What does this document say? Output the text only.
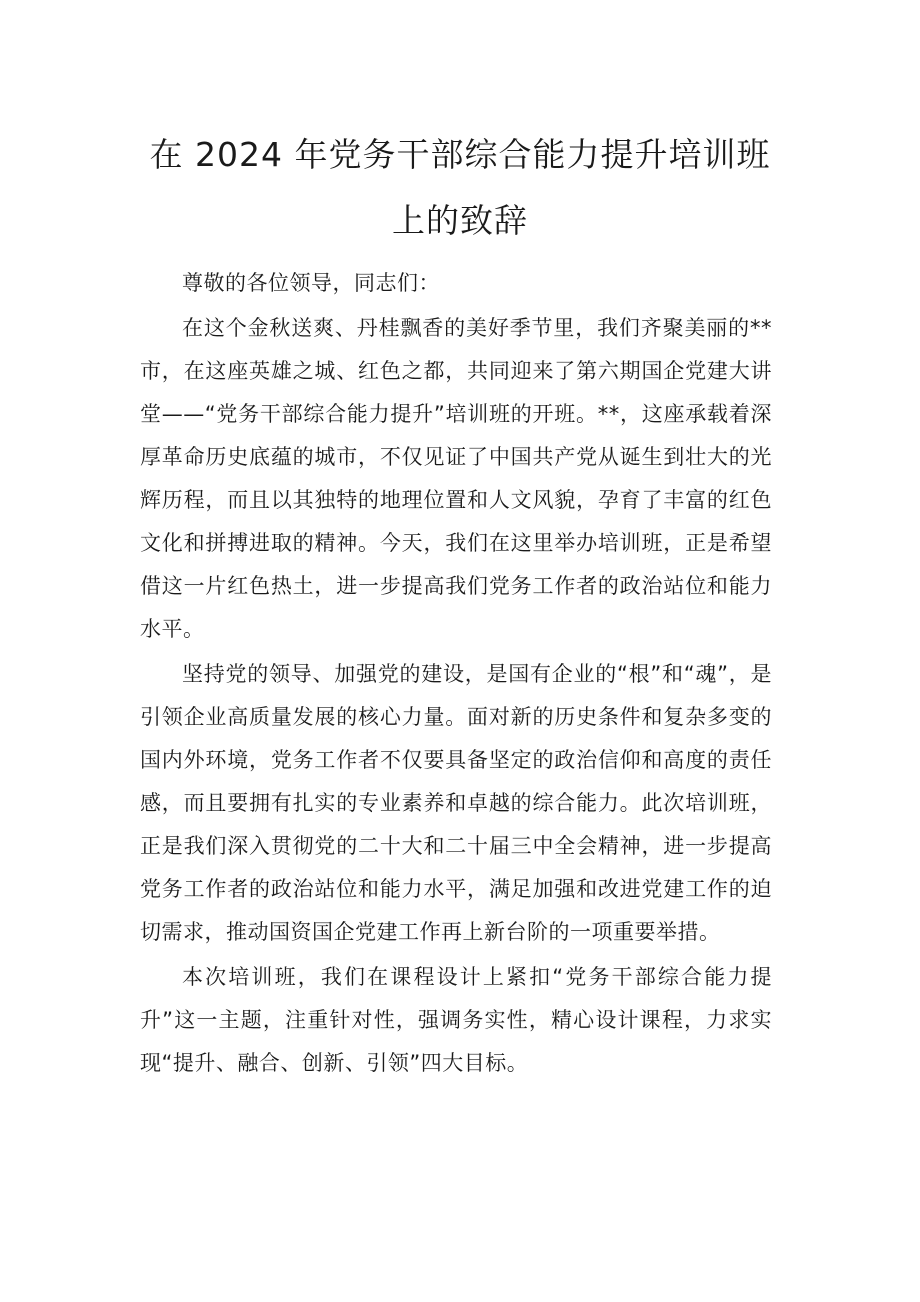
在 2024 年党务干部综合能力提升培训班上的致辞

尊敬的各位领导，同志们：

在这个金秋送爽、丹桂飘香的美好季节里，我们齐聚美丽的**市，在这座英雄之城、红色之都，共同迎来了第六期国企党建大讲堂——“党务干部综合能力提升”培训班的开班。**，这座承载着深厚革命历史底蕴的城市，不仅见证了中国共产党从诞生到壮大的光辉历程，而且以其独特的地理位置和人文风貌，孕育了丰富的红色文化和拼搏进取的精神。今天，我们在这里举办培训班，正是希望借这一片红色热土，进一步提高我们党务工作者的政治站位和能力水平。

坚持党的领导、加强党的建设，是国有企业的“根”和“魂”，是引领企业高质量发展的核心力量。面对新的历史条件和复杂多变的国内外环境，党务工作者不仅要具备坚定的政治信仰和高度的责任感，而且要拥有扎实的专业素养和卓越的综合能力。此次培训班，正是我们深入贯彻党的二十大和二十届三中全会精神，进一步提高党务工作者的政治站位和能力水平，满足加强和改进党建工作的迫切需求，推动国资国企党建工作再上新台阶的一项重要举措。

本次培训班，我们在课程设计上紧扣“党务干部综合能力提升”这一主题，注重针对性，强调务实性，精心设计课程，力求实现“提升、融合、创新、引领”四大目标。
